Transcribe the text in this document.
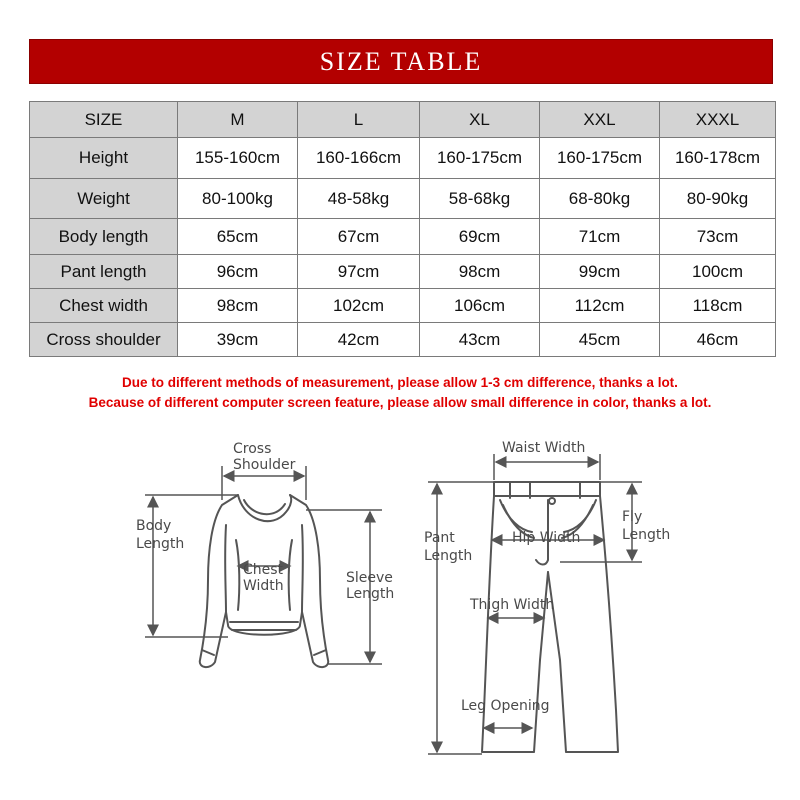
SIZE TABLE
SIZE	M	L	XL	XXL	XXXL
Height	155-160cm	160-166cm	160-175cm	160-175cm	160-178cm
Weight	80-100kg	48-58kg	58-68kg	68-80kg	80-90kg
Body length	65cm	67cm	69cm	71cm	73cm
Pant length	96cm	97cm	98cm	99cm	100cm
Chest width	98cm	102cm	106cm	112cm	118cm
Cross shoulder	39cm	42cm	43cm	45cm	46cm
Due to different methods of measurement, please allow 1-3 cm difference, thanks a lot.
Because of different computer screen feature, please allow small difference in color, thanks a lot.
Cross Shoulder
Body Length
Chest Width	Sleeve Length
Waist Width
Pant Length
Fly Length
Hip Width
Thigh Width
Leg Opening
